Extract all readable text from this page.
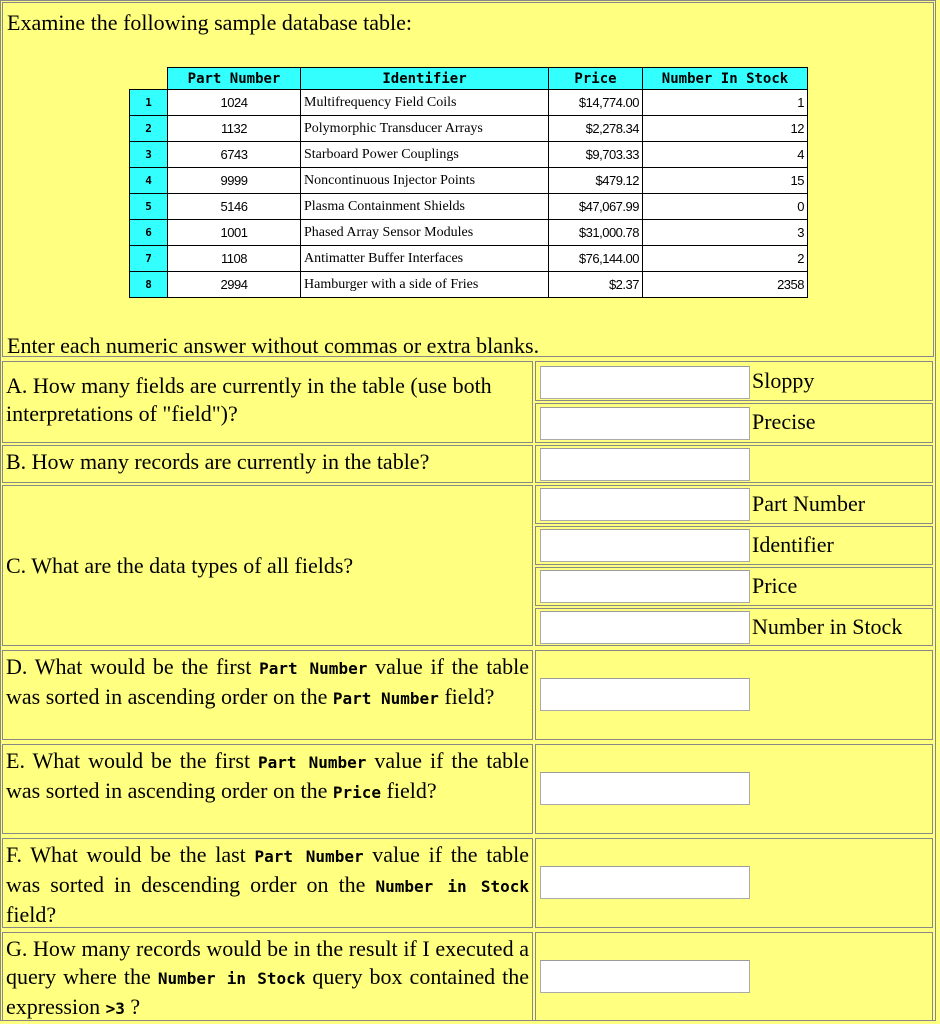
Examine the following sample database table:
	Part Number	Identifier	Price	Number In Stock
1	1024	Multifrequency Field Coils	$14,774.00	1
2	1132	Polymorphic Transducer Arrays	$2,278.34	12
3	6743	Starboard Power Couplings	$9,703.33	4
4	9999	Noncontinuous Injector Points	$479.12	15
5	5146	Plasma Containment Shields	$47,067.99	0
6	1001	Phased Array Sensor Modules	$31,000.78	3
7	1108	Antimatter Buffer Interfaces	$76,144.00	2
8	2994	Hamburger with a side of Fries	$2.37	2358
Enter each numeric answer without commas or extra blanks.
A. How many fields are currently in the table (use both interpretations of "field")?
Sloppy
Precise
B. How many records are currently in the table?
C. What are the data types of all fields?
Part Number
Identifier
Price
Number in Stock
D. What would be the first Part Number value if the table was sorted in ascending order on the Part Number field?
E. What would be the first Part Number value if the table was sorted in ascending order on the Price field?
F. What would be the last Part Number value if the table was sorted in descending order on the Number in Stock field?
G. How many records would be in the result if I executed a query where the Number in Stock query box contained the expression >3 ?
